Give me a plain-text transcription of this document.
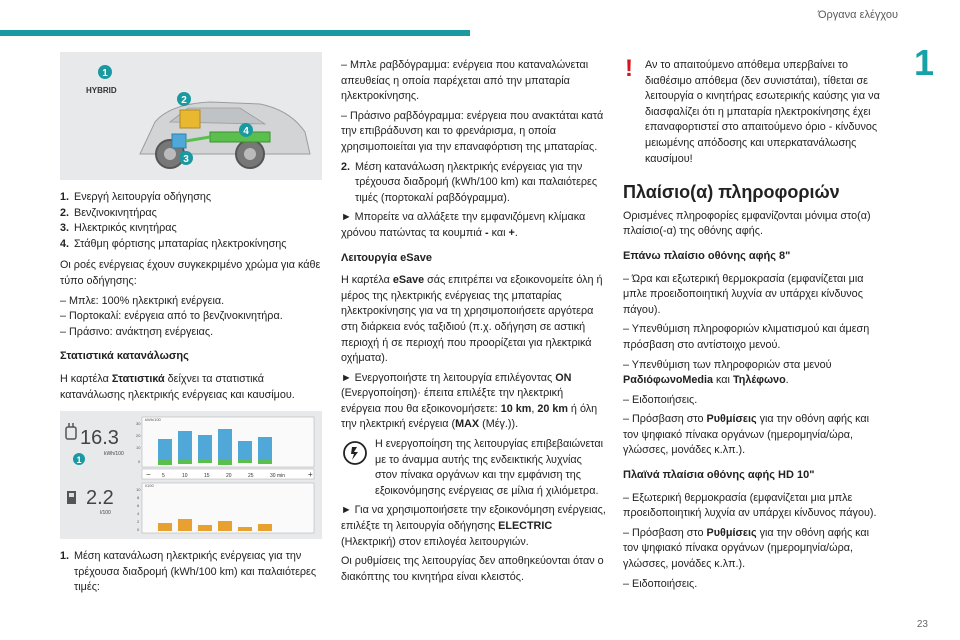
Όργανα ελέγχου
1
23
1
HYBRID
2
3
4
1. Ενεργή λειτουργία οδήγησης
2. Βενζινοκινητήρας
3. Ηλεκτρικός κινητήρας
4. Στάθμη φόρτισης μπαταρίας ηλεκτροκίνησης

Οι ροές ενέργειας έχουν συγκεκριμένο χρώμα για κάθε τύπο οδήγησης:

– Μπλε: 100% ηλεκτρική ενέργεια.
– Πορτοκαλί: ενέργεια από το βενζινοκινητήρα.
– Πράσινο: ανάκτηση ενέργειας.
Στατιστικά κατανάλωσης

Η καρτέλα Στατιστικά δείχνει τα στατιστικά κατανάλωσης ηλεκτρικής ενέργειας και καυσίμου.

16.3
kWh/100
1
2.2
l/100
kWh/100
30
20
10
0
−	+
5	10	15	20	25	30 min
l/100
10
8
6
4
2
0
1. Μέση κατανάλωση ηλεκτρικής ενέργειας για την τρέχουσα διαδρομή (kWh/100 km) και παλαιότερες τιμές:

– Μπλε ραβδόγραμμα: ενέργεια που καταναλώνεται απευθείας η οποία παρέχεται από την μπαταρία ηλεκτροκίνησης.

– Πράσινο ραβδόγραμμα: ενέργεια που ανακτάται κατά την επιβράδυνση και το φρενάρισμα, η οποία χρησιμοποιείται για την επαναφόρτιση της μπαταρίας.

2. Μέση κατανάλωση ηλεκτρικής ενέργειας για την τρέχουσα διαδρομή (kWh/100 km) και παλαιότερες τιμές (πορτοκαλί ραβδόγραμμα).

► Μπορείτε να αλλάξετε την εμφανιζόμενη κλίμακα χρόνου πατώντας τα κουμπιά - και +.

Λειτουργία eSave

Η καρτέλα eSave σάς επιτρέπει να εξοικονομείτε όλη ή μέρος της ηλεκτρικής ενέργειας της μπαταρίας ηλεκτροκίνησης για να τη χρησιμοποιήσετε αργότερα στη διάρκεια ενός ταξιδιού (π.χ. οδήγηση σε αστική περιοχή ή σε περιοχή που προορίζεται για ηλεκτρικά οχήματα).

► Ενεργοποιήστε τη λειτουργία επιλέγοντας ON (Ενεργοποίηση)· έπειτα επιλέξτε την ηλεκτρική ενέργεια που θα εξοικονομήσετε: 10 km, 20 km ή όλη την ηλεκτρική ενέργεια (MAX (Μέγ.)).

Η ενεργοποίηση της λειτουργίας επιβεβαιώνεται με το άναμμα αυτής της ενδεικτικής λυχνίας στον πίνακα οργάνων και την εμφάνιση της εξοικονόμησης ενέργειας σε μίλια ή χιλιόμετρα.

► Για να χρησιμοποιήσετε την εξοικονόμηση ενέργειας, επιλέξτε τη λειτουργία οδήγησης ELECTRIC (Ηλεκτρική) στον επιλογέα λειτουργιών.

Οι ρυθμίσεις της λειτουργίας δεν αποθηκεύονται όταν ο διακόπτης του κινητήρα είναι κλειστός.

!	Αν το απαιτούμενο απόθεμα υπερβαίνει το διαθέσιμο απόθεμα (δεν συνιστάται), τίθεται σε λειτουργία ο κινητήρας εσωτερικής καύσης για να διασφαλίζει ότι η μπαταρία ηλεκτροκίνησης έχει επαναφορτιστεί στο απαιτούμενο όριο - κίνδυνος μειωμένης απόδοσης και υπερκατανάλωσης καυσίμου!

Πλαίσιο(α) πληροφοριών

Ορισμένες πληροφορίες εμφανίζονται μόνιμα στο(α) πλαίσιο(-α) της οθόνης αφής.

Επάνω πλαίσιο οθόνης αφής 8"

– Ώρα και εξωτερική θερμοκρασία (εμφανίζεται μια μπλε προειδοποιητική λυχνία αν υπάρχει κίνδυνος πάγου).

– Υπενθύμιση πληροφοριών κλιματισμού και άμεση πρόσβαση στο αντίστοιχο μενού.

– Υπενθύμιση των πληροφοριών στα μενού ΡαδιόφωνοMedia και Τηλέφωνο.

– Ειδοποιήσεις.

– Πρόσβαση στο Ρυθμίσεις για την οθόνη αφής και τον ψηφιακό πίνακα οργάνων (ημερομηνία/ώρα, γλώσσες, μονάδες κ.λπ.).

Πλαϊνά πλαίσια οθόνης αφής HD 10"

– Εξωτερική θερμοκρασία (εμφανίζεται μια μπλε προειδοποιητική λυχνία αν υπάρχει κίνδυνος πάγου).

– Πρόσβαση στο Ρυθμίσεις για την οθόνη αφής και τον ψηφιακό πίνακα οργάνων (ημερομηνία/ώρα, γλώσσες, μονάδες κ.λπ.).

– Ειδοποιήσεις.
